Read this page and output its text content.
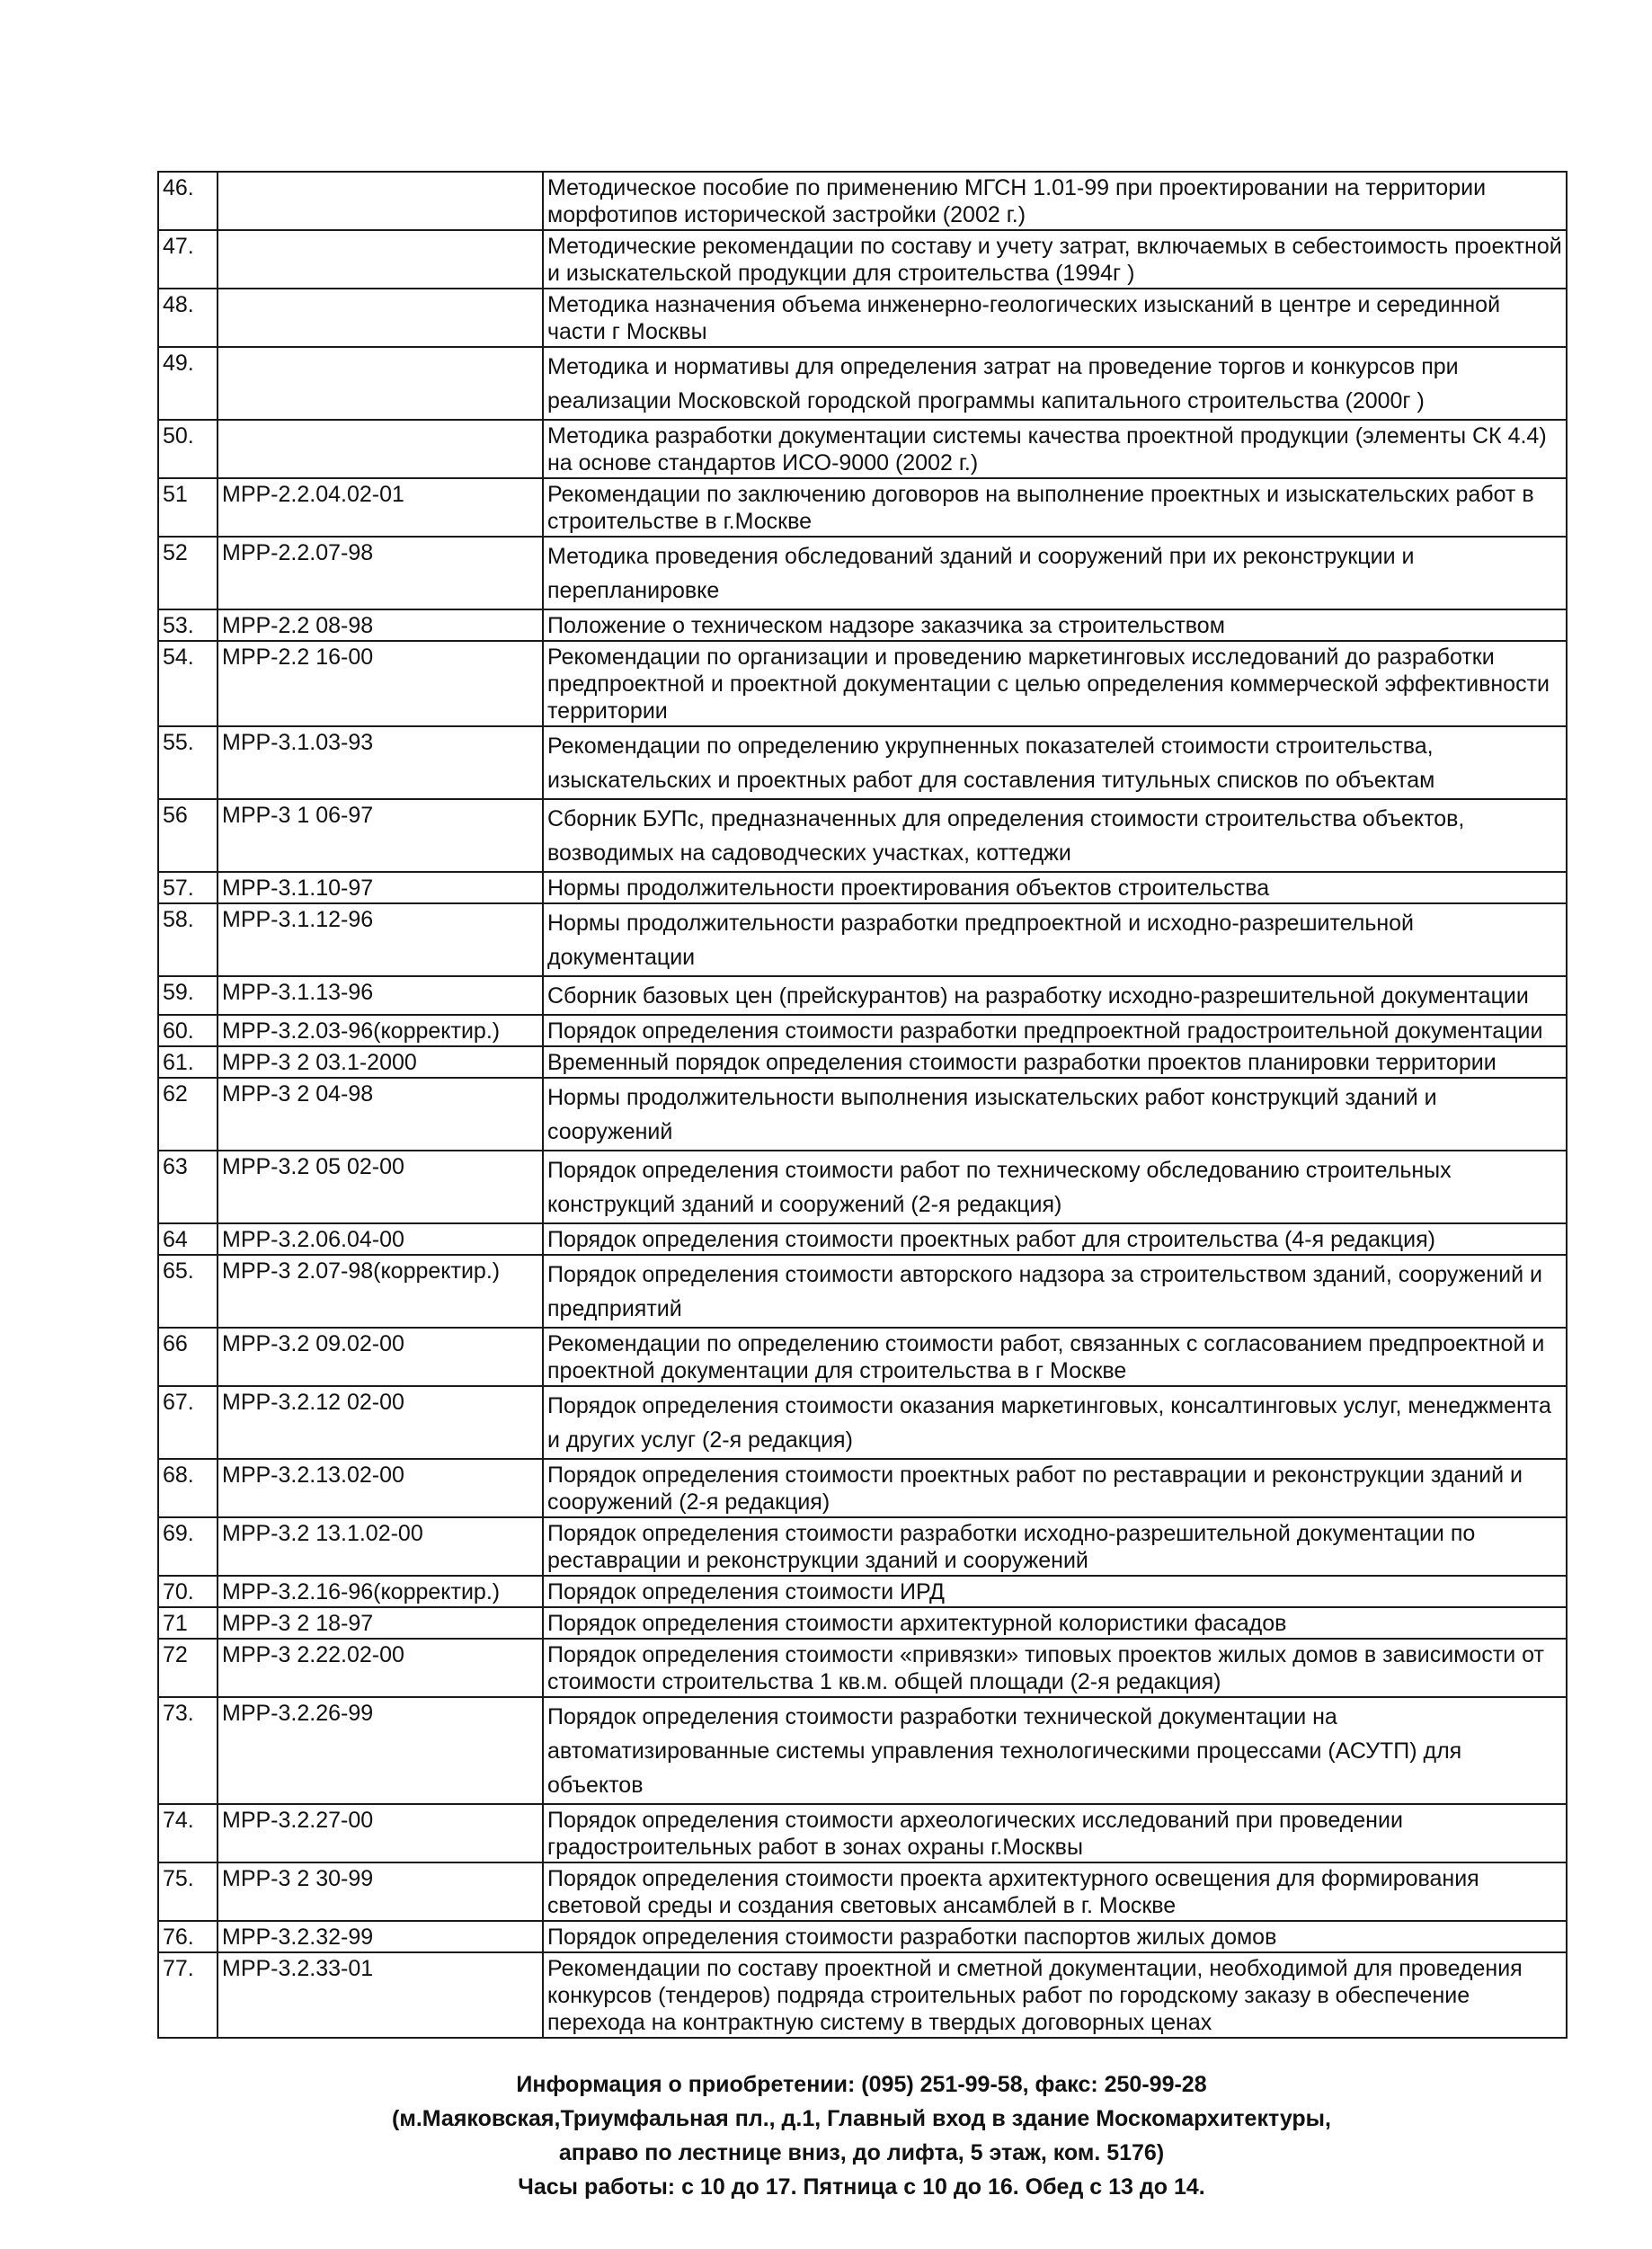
46.		Методическое пособие по применению МГСН 1.01-99 при проектировании на территории морфотипов исторической застройки (2002 г.)
47.		Методические рекомендации по составу и учету затрат, включаемых в себестоимость проектной и изыскательской продукции для строительства (1994г )
48.		Методика назначения объема инженерно-геологических изысканий в центре и серединной части г Москвы
49.		Методика и нормативы для определения затрат на проведение торгов и конкурсов при реализации Московской городской программы капитального строительства (2000г )
50.		Методика разработки документации системы качества проектной продукции (элементы СК 4.4) на основе стандартов ИСО-9000 (2002 г.)
51	МРР-2.2.04.02-01	Рекомендации по заключению договоров на выполнение проектных и изыскательских работ в строительстве в г.Москве
52	МРР-2.2.07-98	Методика проведения обследований зданий и сооружений при их реконструкции и перепланировке
53.	МРР-2.2 08-98	Положение о техническом надзоре заказчика за строительством
54.	МРР-2.2 16-00	Рекомендации по организации и проведению маркетинговых исследований до разработки предпроектной и проектной документации с целью определения коммерческой эффективности территории
55.	МРР-3.1.03-93	Рекомендации по определению укрупненных показателей стоимости строительства, изыскательских и проектных работ для составления титульных списков по объектам
56	МРР-3 1 06-97	Сборник БУПс, предназначенных для определения стоимости строительства объектов, возводимых на садоводческих участках, коттеджи
57.	МРР-3.1.10-97	Нормы продолжительности проектирования объектов строительства
58.	МРР-3.1.12-96	Нормы продолжительности разработки предпроектной и исходно-разрешительной документации
59.	МРР-3.1.13-96	Сборник базовых цен (прейскурантов) на разработку исходно-разрешительной документации
60.	МРР-3.2.03-96(корректир.)	Порядок определения стоимости разработки предпроектной градостроительной документации
61.	МРР-3 2 03.1-2000	Временный порядок определения стоимости разработки проектов планировки территории
62	МРР-3 2 04-98	Нормы продолжительности выполнения изыскательских работ конструкций зданий и сооружений
63	МРР-3.2 05 02-00	Порядок определения стоимости работ по техническому обследованию строительных конструкций зданий и сооружений (2-я редакция)
64	МРР-3.2.06.04-00	Порядок определения стоимости проектных работ для строительства (4-я редакция)
65.	МРР-3 2.07-98(корректир.)	Порядок определения стоимости авторского надзора за строительством зданий, сооружений и предприятий
66	МРР-3.2 09.02-00	Рекомендации по определению стоимости работ, связанных с согласованием предпроектной и проектной документации для строительства в г Москве
67.	МРР-3.2.12 02-00	Порядок определения стоимости оказания маркетинговых, консалтинговых услуг, менеджмента и других услуг (2-я редакция)
68.	МРР-3.2.13.02-00	Порядок определения стоимости проектных работ по реставрации и реконструкции зданий и сооружений (2-я редакция)
69.	МРР-3.2 13.1.02-00	Порядок определения стоимости разработки исходно-разрешительной документации по реставрации и реконструкции зданий и сооружений
70.	МРР-3.2.16-96(корректир.)	Порядок определения стоимости ИРД
71	МРР-3 2 18-97	Порядок определения стоимости архитектурной колористики фасадов
72	МРР-3 2.22.02-00	Порядок определения стоимости «привязки» типовых проектов жилых домов в зависимости от стоимости строительства 1 кв.м. общей площади (2-я редакция)
73.	МРР-3.2.26-99	Порядок определения стоимости разработки технической документации на автоматизированные системы управления технологическими процессами (АСУТП) для объектов
74.	МРР-3.2.27-00	Порядок определения стоимости археологических исследований при проведении градостроительных работ в зонах охраны г.Москвы
75.	МРР-3 2 30-99	Порядок определения стоимости проекта архитектурного освещения для формирования световой среды и создания световых ансамблей в г. Москве
76.	МРР-3.2.32-99	Порядок определения стоимости разработки паспортов жилых домов
77.	МРР-3.2.33-01	Рекомендации по составу проектной и сметной документации, необходимой для проведения конкурсов (тендеров) подряда строительных работ по городскому заказу в обеспечение перехода на контрактную систему в твердых договорных ценах
Информация о приобретении: (095) 251-99-58, факс: 250-99-28
(м.Маяковская,Триумфальная пл., д.1, Главный вход в здание Москомархитектуры,
аправо по лестнице вниз, до лифта, 5 этаж, ком. 5176)
Часы работы: с 10 до 17. Пятница с 10 до 16. Обед с 13 до 14.
